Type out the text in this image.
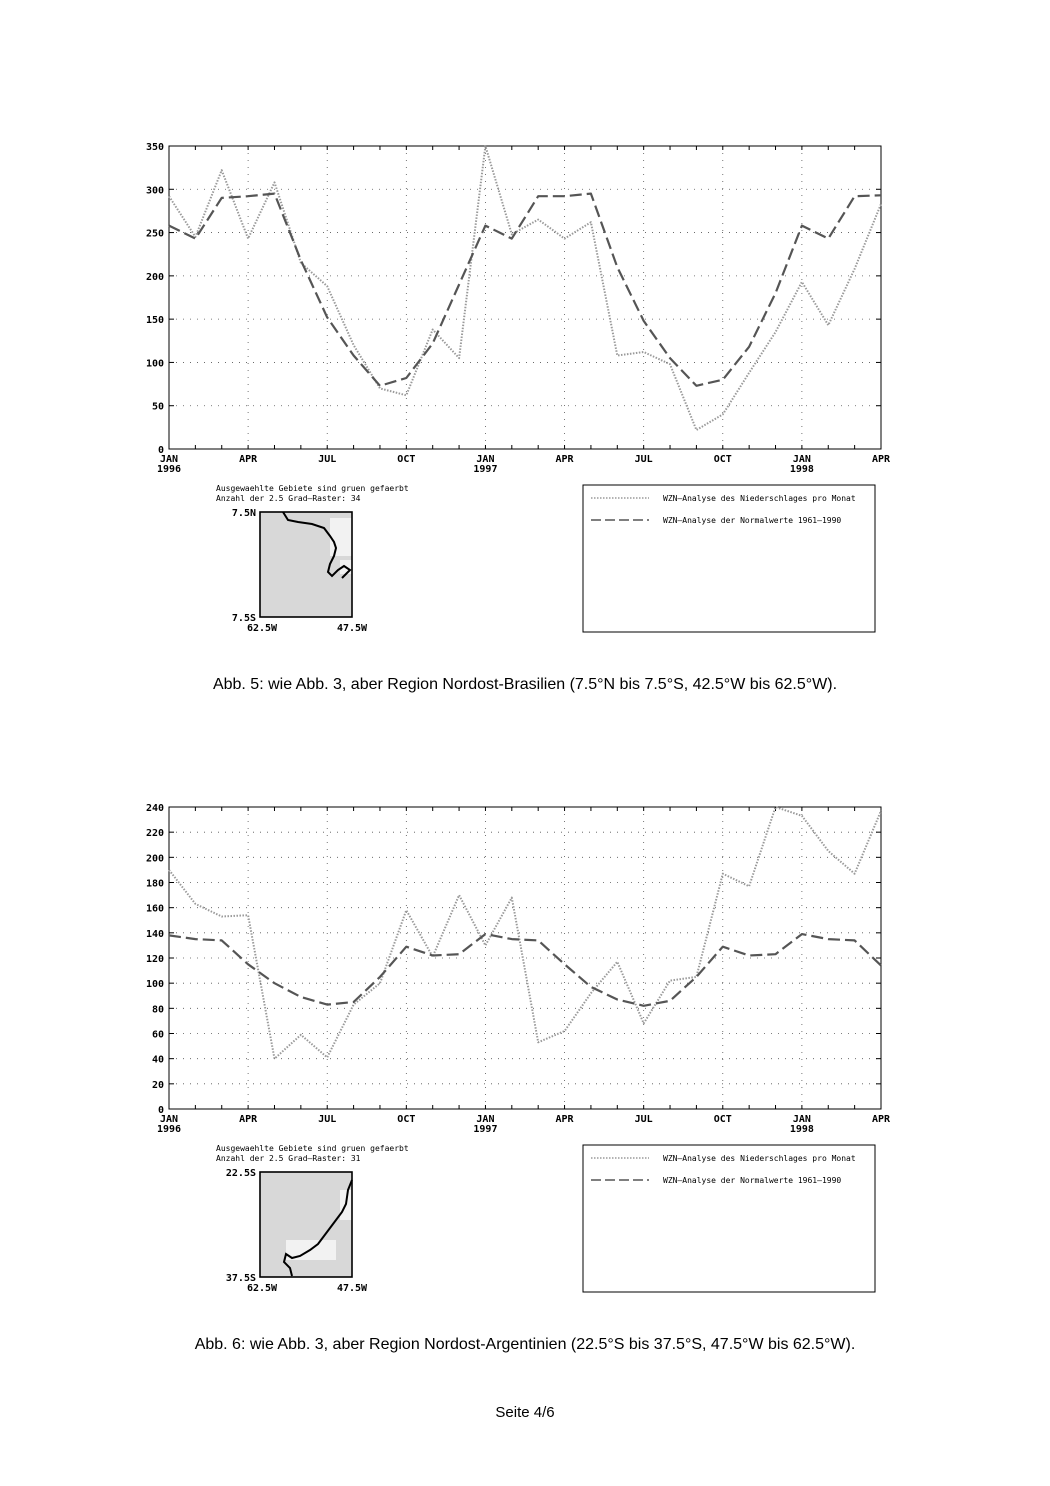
0
50
100
150
200
250
300
350
JAN
1996
APR	JUL	OCT	JAN
1997
APR	JUL	OCT	JAN
1998
APR
WZN–Analyse des Niederschlages pro Monat
WZN–Analyse der Normalwerte 1961–1990
Ausgewaehlte Gebiete sind gruen gefaerbt
Anzahl der 2.5 Grad–Raster: 34
7.5N
7.5S
62.5W	47.5W
Abb. 5: wie Abb. 3, aber Region Nordost-Brasilien (7.5°N bis 7.5°S, 42.5°W bis 62.5°W).
0
20
40
60
80
100
120
140
160
180
200
220
240
JAN
1996
APR	JUL	OCT	JAN
1997
APR	JUL	OCT	JAN
1998
APR
WZN–Analyse des Niederschlages pro Monat
WZN–Analyse der Normalwerte 1961–1990
Ausgewaehlte Gebiete sind gruen gefaerbt
Anzahl der 2.5 Grad–Raster: 31
22.5S
37.5S
62.5W	47.5W
Abb. 6: wie Abb. 3, aber Region Nordost-Argentinien (22.5°S bis 37.5°S, 47.5°W bis 62.5°W).
Seite 4/6
